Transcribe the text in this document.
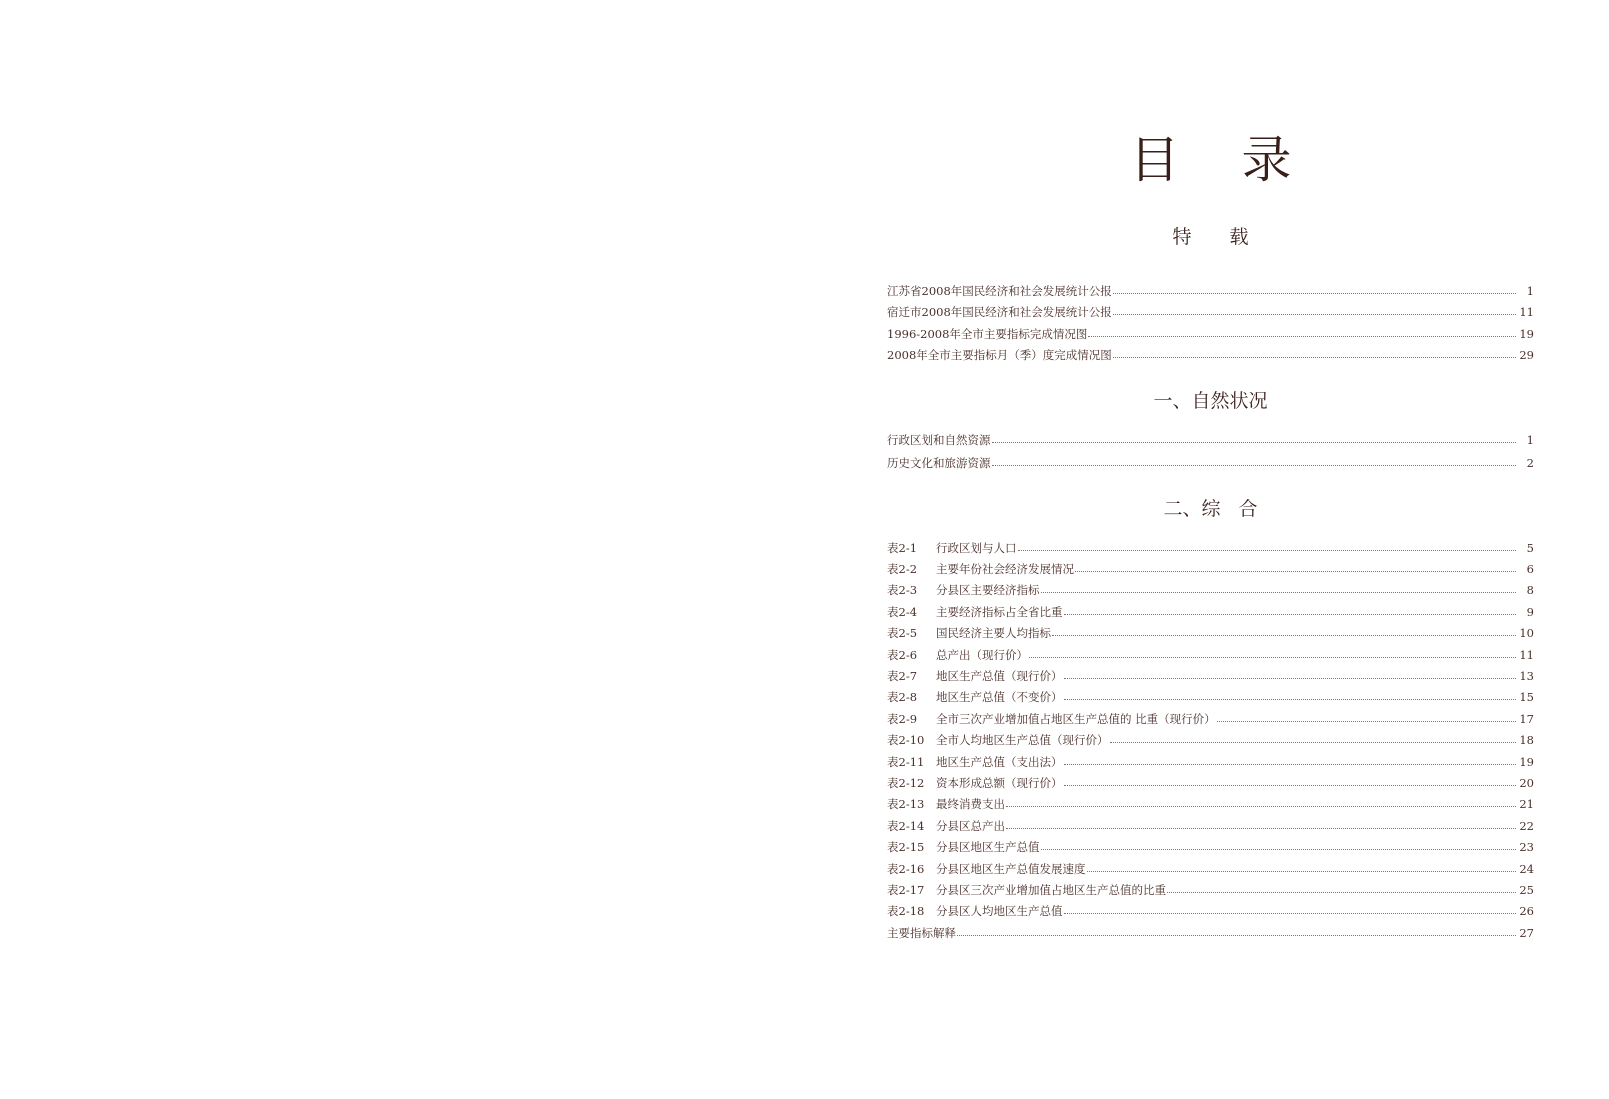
目 录
特 载
江苏省2008年国民经济和社会发展统计公报	1
宿迁市2008年国民经济和社会发展统计公报	11
1996-2008年全市主要指标完成情况图	19
2008年全市主要指标月（季）度完成情况图	29
一、自然状况
行政区划和自然资源	1
历史文化和旅游资源	2
二、综 合
表2-1	行政区划与人口	5
表2-2	主要年份社会经济发展情况	6
表2-3	分县区主要经济指标	8
表2-4	主要经济指标占全省比重	9
表2-5	国民经济主要人均指标	10
表2-6	总产出（现行价）	11
表2-7	地区生产总值（现行价）	13
表2-8	地区生产总值（不变价）	15
表2-9	全市三次产业增加值占地区生产总值的 比重（现行价）	17
表2-10	全市人均地区生产总值（现行价）	18
表2-11	地区生产总值（支出法）	19
表2-12	资本形成总额（现行价）	20
表2-13	最终消费支出	21
表2-14	分县区总产出	22
表2-15	分县区地区生产总值	23
表2-16	分县区地区生产总值发展速度	24
表2-17	分县区三次产业增加值占地区生产总值的比重	25
表2-18	分县区人均地区生产总值	26
主要指标解释	27
